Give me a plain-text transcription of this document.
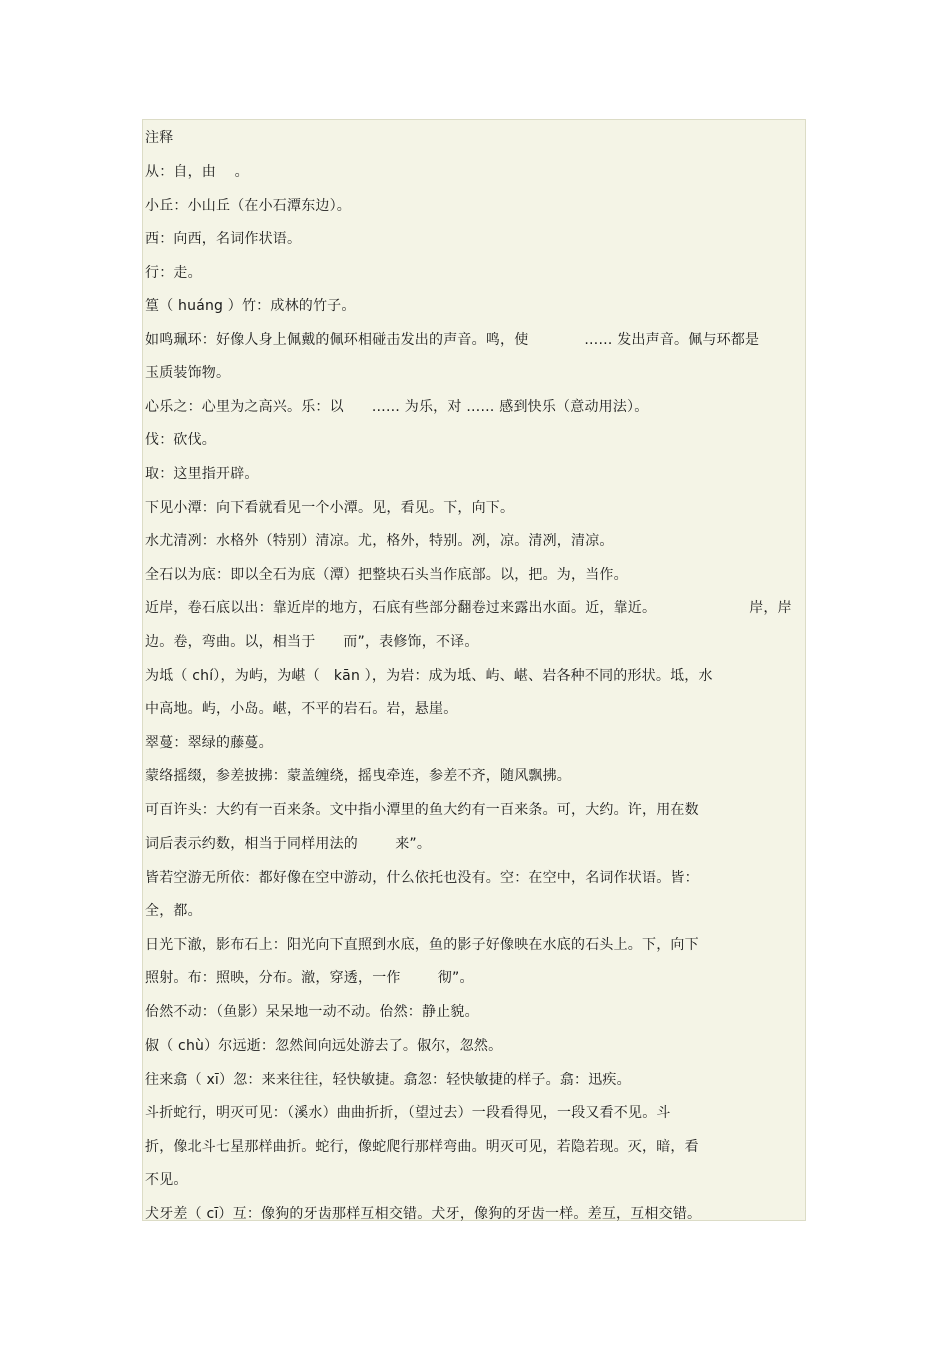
注释
从：自，由    。
小丘：小山丘（在小石潭东边）。
西：向西，名词作状语。
行：走。
篁（ huáng ）竹：成林的竹子。
如鸣珮环：好像人身上佩戴的佩环相碰击发出的声音。鸣，使            …… 发出声音。佩与环都是
玉质装饰物。
心乐之：心里为之高兴。乐：以      …… 为乐，对 …… 感到快乐（意动用法）。
伐：砍伐。
取：这里指开辟。
下见小潭：向下看就看见一个小潭。见，看见。下，向下。
水尤清冽：水格外（特别）清凉。尤，格外，特别。冽，凉。清冽，清凉。
全石以为底：即以全石为底（潭）把整块石头当作底部。以，把。为，当作。
近岸，卷石底以出：靠近岸的地方，石底有些部分翻卷过来露出水面。近，靠近。                    岸，岸
边。卷，弯曲。以，相当于      而”，表修饰，不译。
为坻（ chí），为屿，为嵁（   kān ），为岩：成为坻、屿、嵁、岩各种不同的形状。坻，水
中高地。屿，小岛。嵁，不平的岩石。岩，悬崖。
翠蔓：翠绿的藤蔓。
蒙络摇缀，参差披拂：蒙盖缠绕，摇曳牵连，参差不齐，随风飘拂。
可百许头：大约有一百来条。文中指小潭里的鱼大约有一百来条。可，大约。许，用在数
词后表示约数，相当于同样用法的        来”。
皆若空游无所依：都好像在空中游动，什么依托也没有。空：在空中，名词作状语。皆：
全，都。
日光下澈，影布石上：阳光向下直照到水底，鱼的影子好像映在水底的石头上。下，向下
照射。布：照映，分布。澈，穿透，一作        彻”。
佁然不动：（鱼影）呆呆地一动不动。佁然：静止貌。
俶（ chù）尔远逝：忽然间向远处游去了。俶尔，忽然。
往来翕（ xī）忽：来来往往，轻快敏捷。翕忽：轻快敏捷的样子。翕：迅疾。
斗折蛇行，明灭可见：（溪水）曲曲折折，（望过去）一段看得见，一段又看不见。斗
折，像北斗七星那样曲折。蛇行，像蛇爬行那样弯曲。明灭可见，若隐若现。灭，暗，看
不见。
犬牙差（ cī）互：像狗的牙齿那样互相交错。犬牙，像狗的牙齿一样。差互，互相交错。
